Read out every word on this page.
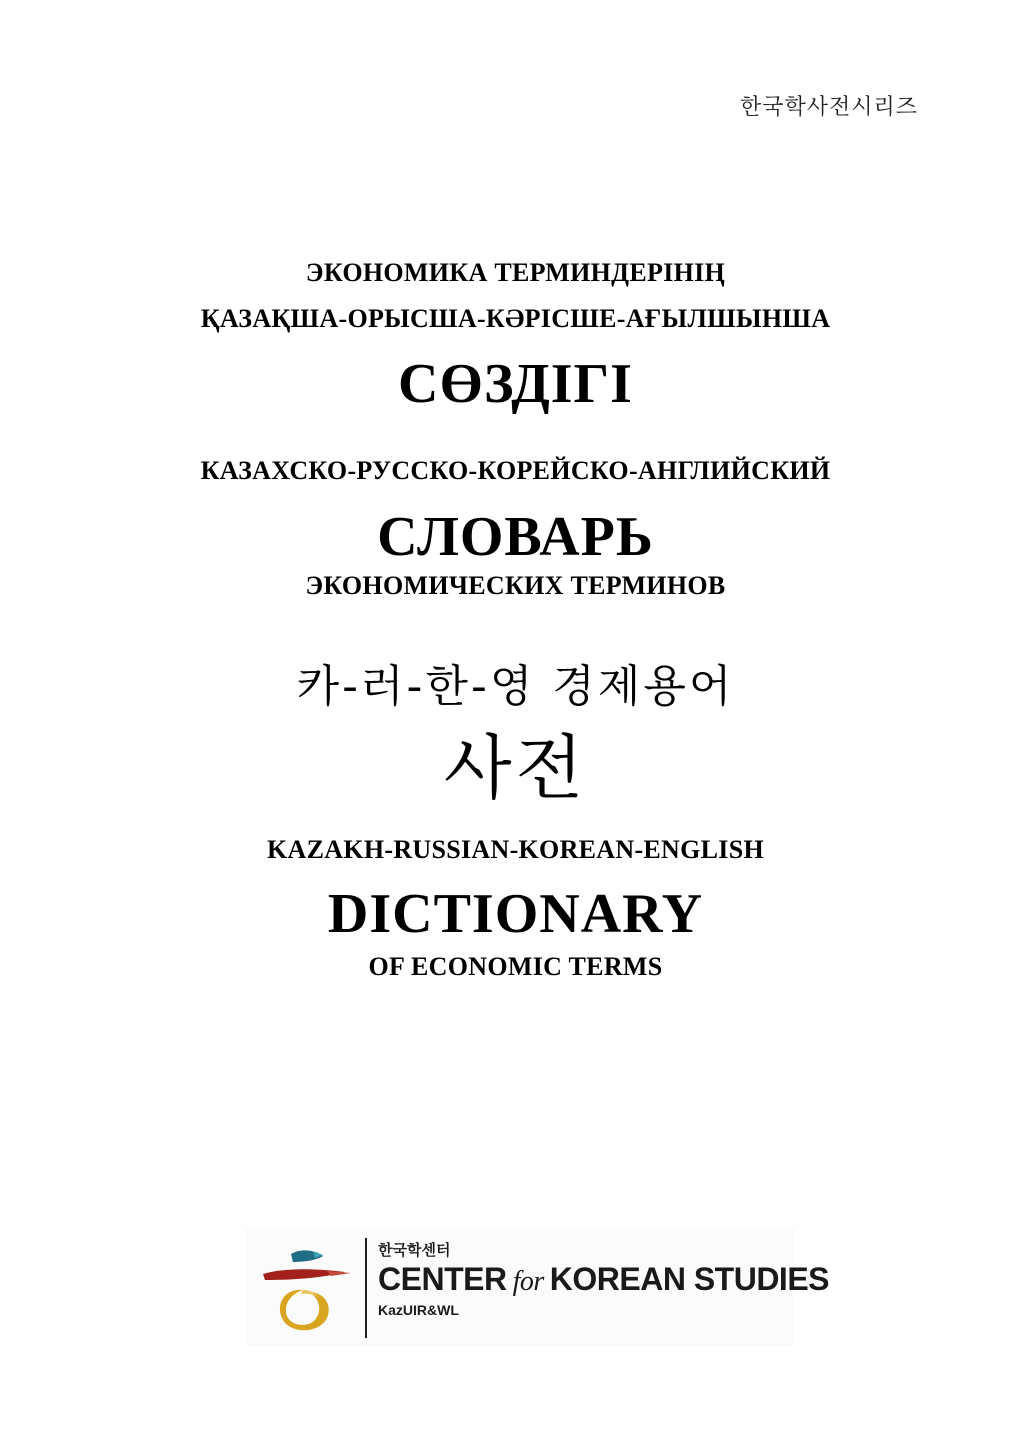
한국학사전시리즈
ЭКОНОМИКА ТЕРМИНДЕРІНІҢ
ҚАЗАҚША-ОРЫСША-КӘРІСШЕ-АҒЫЛШЫНША
СӨЗДІГІ
КАЗАХСКО-РУССКО-КОРЕЙСКО-АНГЛИЙСКИЙ
СЛОВАРЬ
ЭКОНОМИЧЕСКИХ ТЕРМИНОВ
카-러-한-영 경제용어
사전
KAZAKH-RUSSIAN-KOREAN-ENGLISH
DICTIONARY
OF ECONOMIC TERMS
한국학센터
CENTER for KOREAN STUDIES
KazUIR&WL
